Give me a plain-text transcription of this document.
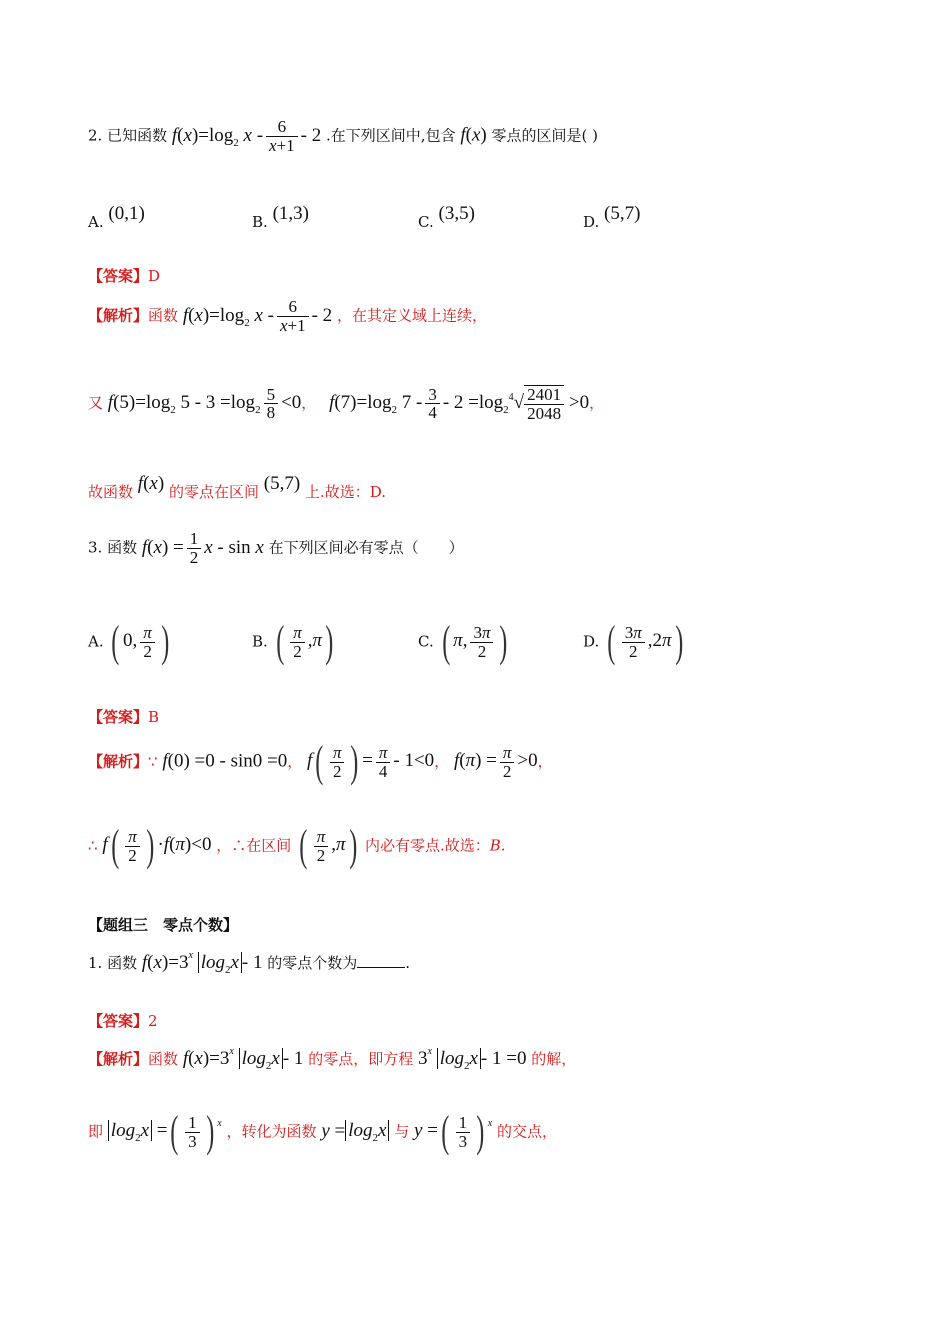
2. 已知函数 $f(x)=\log_2$ x - $\frac{6}{x+1} - 2$ .在下列区间中,包含 f(x) 零点的区间是( )
A. (0,1)	B. (1,3)	C. (3,5)	D. (5,7)
【答案】D
【解析】函数 $f(x)=\log_2$ x - $\frac{6}{x+1} - 2$ ，在其定义域上连续，
又 $f(5)=\log_2$ $5 - 3 =\log_2 \frac{5}{8} <0$， $f(7)=\log_2$ $7 - \frac{3}{4} - 2 =\log_2^4√ \frac{2401}{2048} >0$，
故函数 f(x) 的零点在区间 (5,7) 上.故选：D.
3. 函数 $f(x) = \frac{1}{2}$ x - sin x 在下列区间必有零点（　　）
A. ( 0, $\frac{\pi}{2}$ )	B. ( $\frac{\pi}{2} ,\pi$)	C. ( π, $\frac{3\pi}{2}$ )	D. ( $\frac{3\pi}{2} ,2\pi$)
【答案】B
【解析】∵ f(0) =0 - sin0 =0， $f( \frac{\pi}{2}$ ) = $\frac{\pi}{4} - 1<0$， $f(\pi) = \frac{\pi}{2} >0$，
∴ $f( \frac{\pi}{2}$ ) ·f(π)<0 ，∴在区间 ( $\frac{\pi}{2} ,\pi$) 内必有零点.故选：B.
【题组三　零点个数】
1. 函数 $f(x)=3^x$ $\log_2x - 1$ 的零点个数为	.
【答案】2
【解析】函数 $f(x)=3^x$ $\log_2x - 1$ 的零点，即方程 3$^x$ $\log_2x - 1 =0$ 的解，
即 $\log_2x$ =( $\frac{1}{3}$ ) $^x$ ，转化为函数 $y = \log_2x$ 与 y =( $\frac{1}{3}$ ) $^x$ 的交点，
